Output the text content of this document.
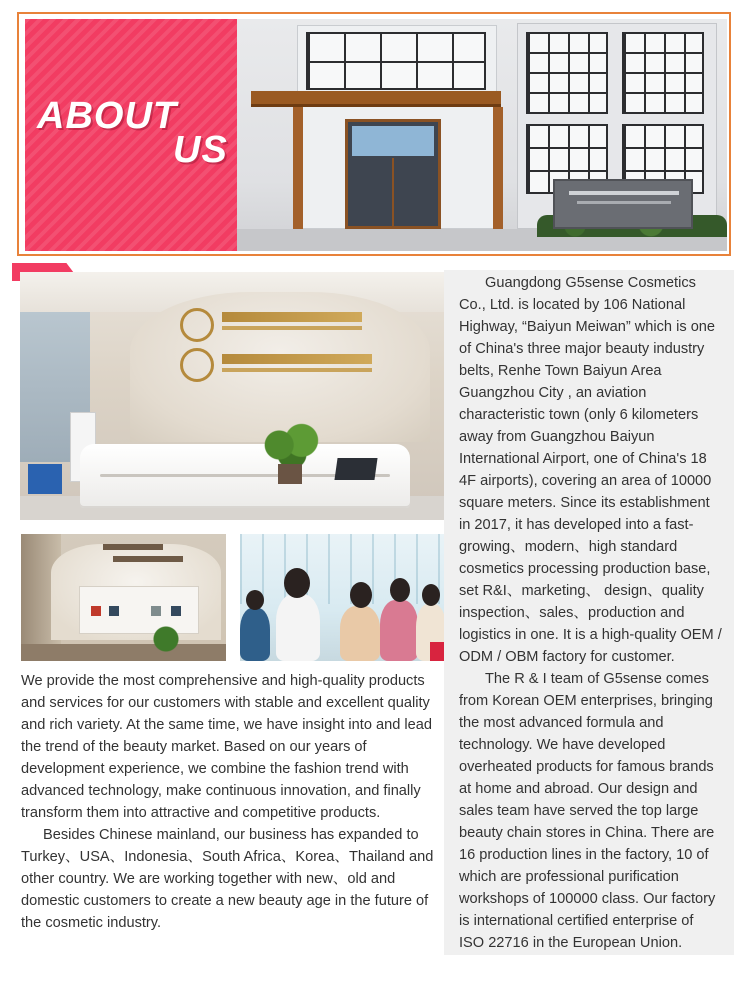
ABOUT
US

Guangdong G5sense Cosmetics Co., Ltd. is located by 106 National Highway, “Baiyun Meiwan” which is one of China's three major beauty industry belts, Renhe Town Baiyun Area Guangzhou City , an aviation characteristic town (only 6 kilometers away from Guangzhou Baiyun International Airport, one of China's 18 4F airports), covering an area of 10000 square meters. Since its establishment in 2017, it has developed into a fast-growing、modern、high standard cosmetics processing production base, set R&I、marketing、 design、quality inspection、sales、production and logistics in one. It is a high-quality OEM / ODM / OBM factory for customer.

The R & I team of G5sense comes from Korean OEM enterprises, bringing the most advanced formula and technology. We have developed overheated products for famous brands at home and abroad. Our design and sales team have served the top large beauty chain stores in China. There are 16 production lines in the factory, 10 of which are professional purification workshops of 100000 class. Our factory is international certified enterprise of ISO 22716 in the European Union.

We provide the most comprehensive and high-quality products and services for our customers with stable and excellent quality and rich variety. At the same time, we have insight into and lead the trend of the beauty market. Based on our years of development experience, we combine the fashion trend with advanced technology, make continuous innovation, and finally transform them into attractive and competitive products.

Besides Chinese mainland, our business has expanded to Turkey、USA、Indonesia、South Africa、Korea、Thailand and other country. We are working together with new、old and domestic customers to create a new beauty age in the future of the cosmetic industry.
